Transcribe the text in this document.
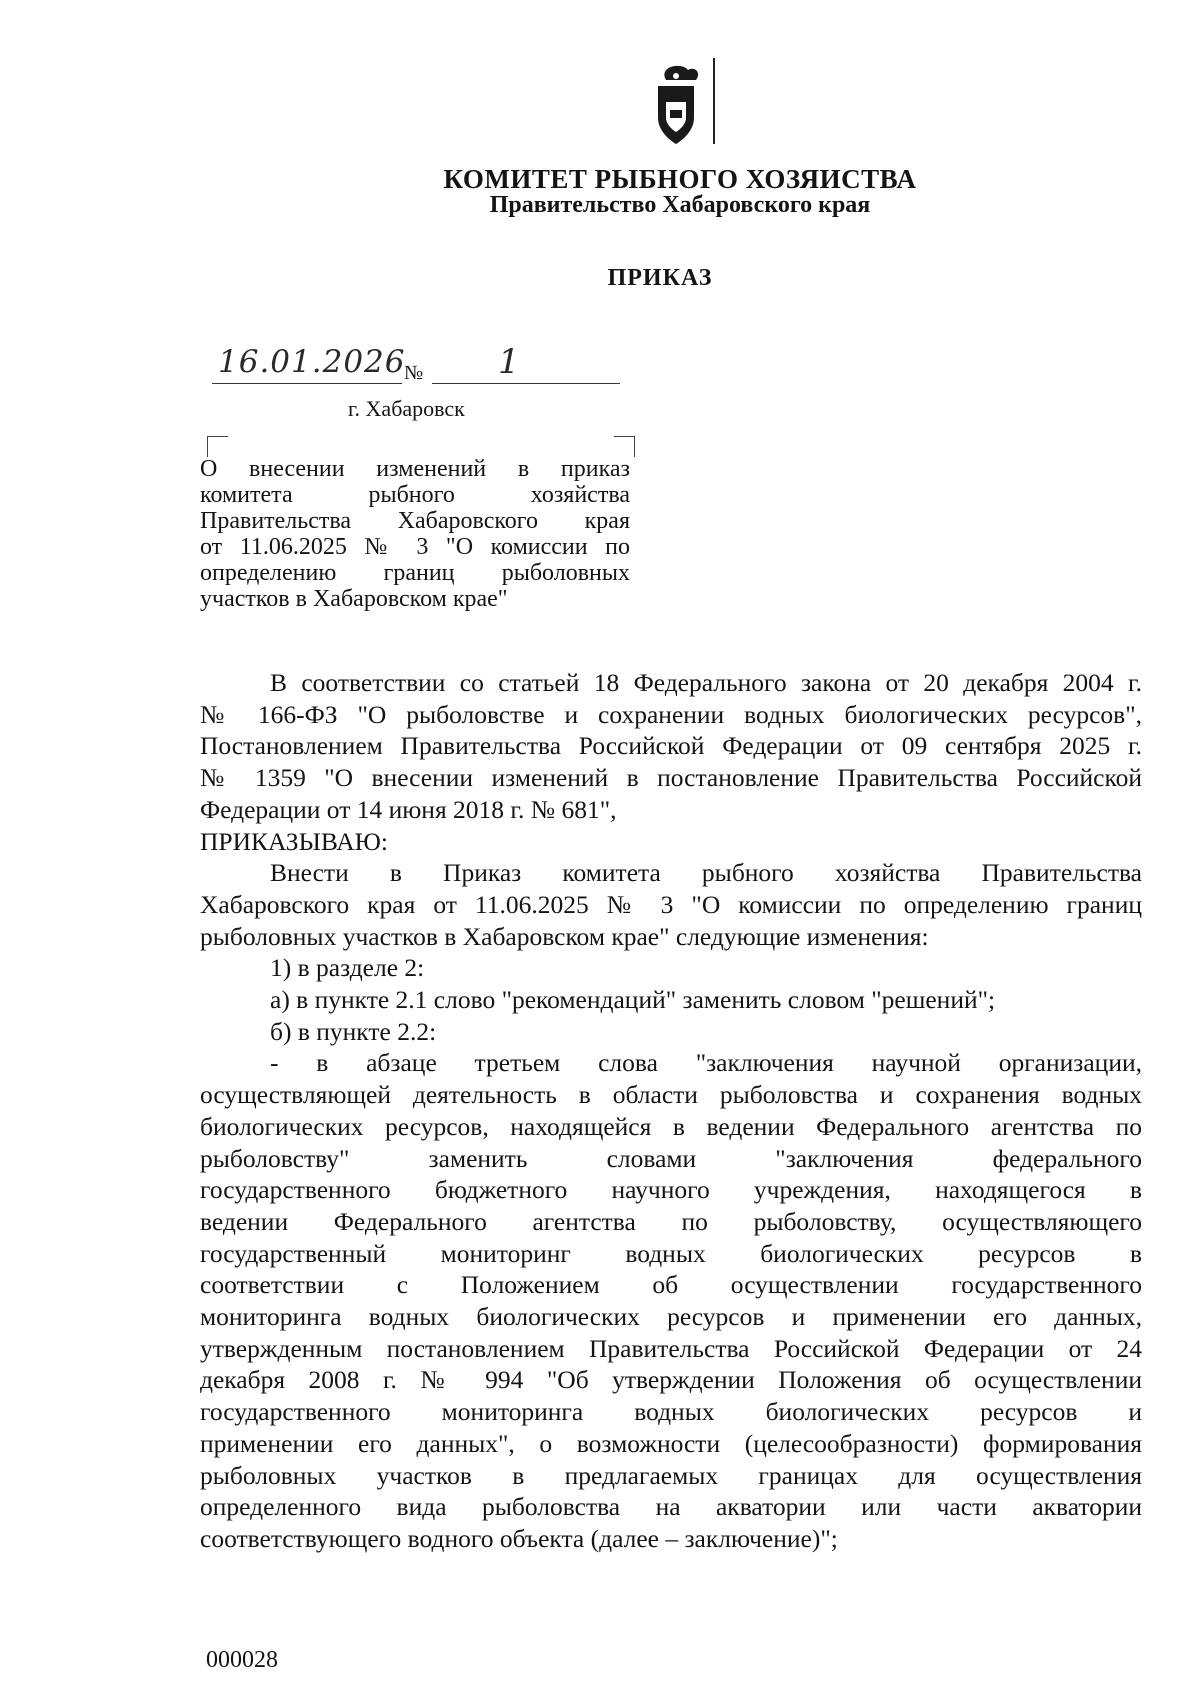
КОМИТЕТ РЫБНОГО ХОЗЯИСТВА
Правительство Хабаровского края
ПРИКАЗ
16.01.2026
№ 1
г. Хабаровск
О внесении изменений в приказ
комитета рыбного хозяйства
Правительства Хабаровского края
от 11.06.2025 № 3 "О комиссии по
определению границ рыболовных
участков в Хабаровском крае"
В соответствии со статьей 18 Федерального закона от 20 декабря 2004 г.
№ 166-ФЗ "О рыболовстве и сохранении водных биологических ресурсов",
Постановлением Правительства Российской Федерации от 09 сентября 2025 г.
№ 1359 "О внесении изменений в постановление Правительства Российской
Федерации от 14 июня 2018 г. № 681",
ПРИКАЗЫВАЮ:
Внести в Приказ комитета рыбного хозяйства Правительства
Хабаровского края от 11.06.2025 № 3 "О комиссии по определению границ
рыболовных участков в Хабаровском крае" следующие изменения:
1) в разделе 2:
а) в пункте 2.1 слово "рекомендаций" заменить словом "решений";
б) в пункте 2.2:
- в абзаце третьем слова "заключения научной организации,
осуществляющей деятельность в области рыболовства и сохранения водных
биологических ресурсов, находящейся в ведении Федерального агентства по
рыболовству" заменить словами "заключения федерального
государственного бюджетного научного учреждения, находящегося в
ведении Федерального агентства по рыболовству, осуществляющего
государственный мониторинг водных биологических ресурсов в
соответствии с Положением об осуществлении государственного
мониторинга водных биологических ресурсов и применении его данных,
утвержденным постановлением Правительства Российской Федерации от 24
декабря 2008 г. № 994 "Об утверждении Положения об осуществлении
государственного мониторинга водных биологических ресурсов и
применении его данных", о возможности (целесообразности) формирования
рыболовных участков в предлагаемых границах для осуществления
определенного вида рыболовства на акватории или части акватории
соответствующего водного объекта (далее – заключение)";
000028
